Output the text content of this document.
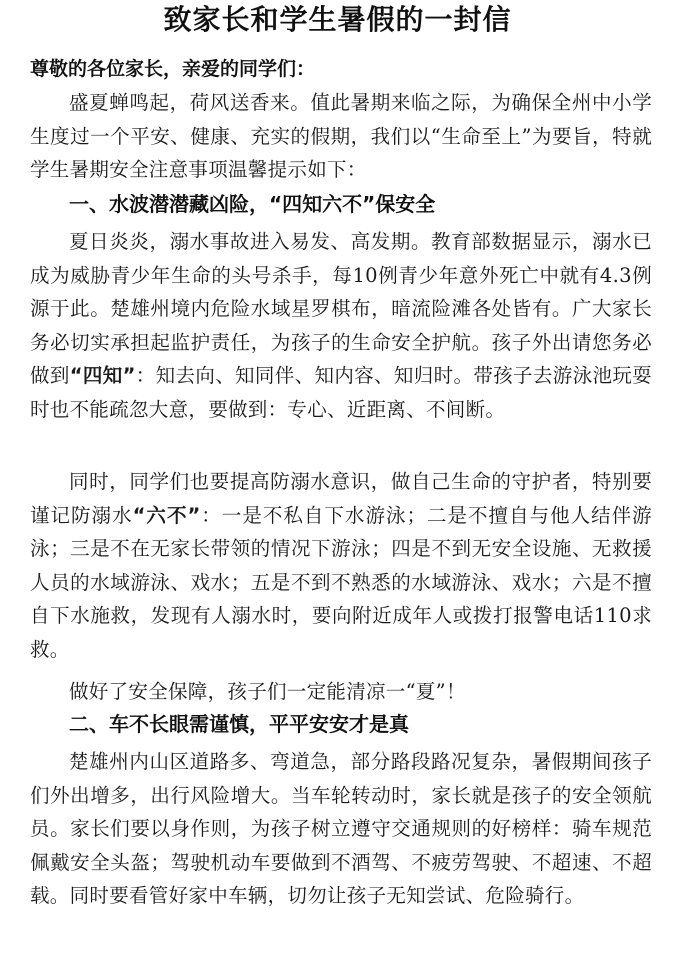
致家长和学生暑假的一封信
尊敬的各位家长，亲爱的同学们：

盛夏蝉鸣起，荷风送香来。值此暑期来临之际，为确保全州中小学生度过一个平安、健康、充实的假期，我们以“生命至上”为要旨，特就学生暑期安全注意事项温馨提示如下：

一、水波潜潜藏凶险，“四知六不”保安全

夏日炎炎，溺水事故进入易发、高发期。教育部数据显示，溺水已成为威胁青少年生命的头号杀手，每10例青少年意外死亡中就有4.3例源于此。楚雄州境内危险水域星罗棋布，暗流险滩各处皆有。广大家长务必切实承担起监护责任，为孩子的生命安全护航。孩子外出请您务必做到“四知”：知去向、知同伴、知内容、知归时。带孩子去游泳池玩耍时也不能疏忽大意，要做到：专心、近距离、不间断。

同时，同学们也要提高防溺水意识，做自己生命的守护者，特别要谨记防溺水“六不”：一是不私自下水游泳；二是不擅自与他人结伴游泳；三是不在无家长带领的情况下游泳；四是不到无安全设施、无救援人员的水域游泳、戏水；五是不到不熟悉的水域游泳、戏水；六是不擅自下水施救，发现有人溺水时，要向附近成年人或拨打报警电话110求救。

做好了安全保障，孩子们一定能清凉一“夏”！

二、车不长眼需谨慎，平平安安才是真

楚雄州内山区道路多、弯道急，部分路段路况复杂，暑假期间孩子们外出增多，出行风险增大。当车轮转动时，家长就是孩子的安全领航员。家长们要以身作则，为孩子树立遵守交通规则的好榜样：骑车规范佩戴安全头盔；驾驶机动车要做到不酒驾、不疲劳驾驶、不超速、不超载。同时要看管好家中车辆，切勿让孩子无知尝试、危险骑行。
